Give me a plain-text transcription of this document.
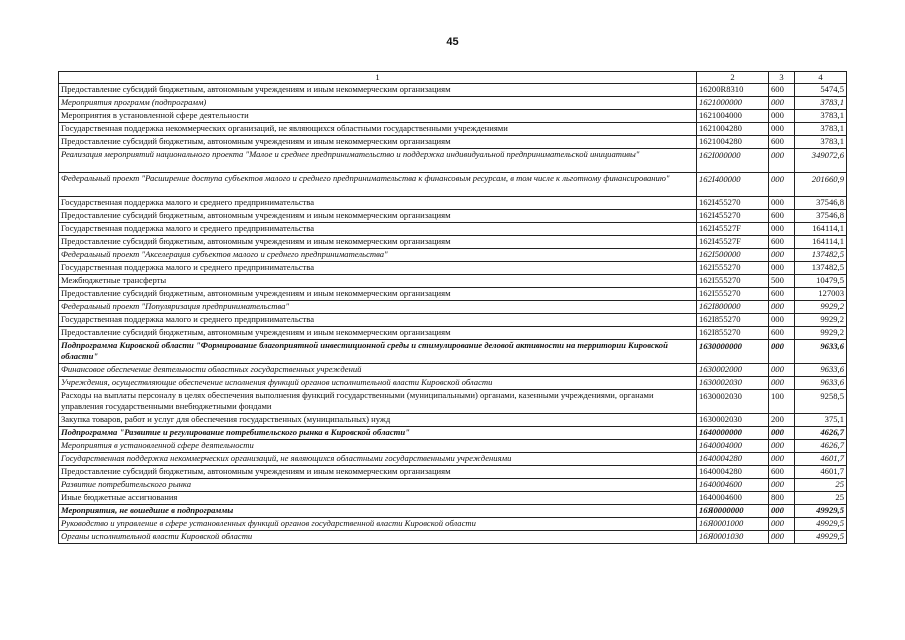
45
1	2	3	4
Предоставление субсидий бюджетным, автономным учреждениям и иным некоммерческим организациям	16200R8310	600	5474,5
Мероприятия программ (подпрограмм)	1621000000	000	3783,1
Мероприятия в установленной сфере деятельности	1621004000	000	3783,1
Государственная поддержка некоммерческих организаций, не являющихся областными государственными учреждениями	1621004280	000	3783,1
Предоставление субсидий бюджетным, автономным учреждениям и иным некоммерческим организациям	1621004280	600	3783,1
Реализация мероприятий национального проекта "Малое и среднее предпринимательство и поддержка индивидуальной предпринимательской инициативы"	162I000000	000	349072,6
Федеральный проект "Расширение доступа субъектов малого и среднего предпринимательства к финансовым ресурсам, в том числе к льготному финансированию"	162I400000	000	201660,9
Государственная поддержка малого и среднего предпринимательства	162I455270	000	37546,8
Предоставление субсидий бюджетным, автономным учреждениям и иным некоммерческим организациям	162I455270	600	37546,8
Государственная поддержка малого и среднего предпринимательства	162I45527F	000	164114,1
Предоставление субсидий бюджетным, автономным учреждениям и иным некоммерческим организациям	162I45527F	600	164114,1
Федеральный проект "Акселерация субъектов малого и среднего предпринимательства"	162I500000	000	137482,5
Государственная поддержка малого и среднего предпринимательства	162I555270	000	137482,5
Межбюджетные трансферты	162I555270	500	10479,5
Предоставление субсидий бюджетным, автономным учреждениям и иным некоммерческим организациям	162I555270	600	127003
Федеральный проект "Популяризация предпринимательства"	162I800000	000	9929,2
Государственная поддержка малого и среднего предпринимательства	162I855270	000	9929,2
Предоставление субсидий бюджетным, автономным учреждениям и иным некоммерческим организациям	162I855270	600	9929,2
Подпрограмма Кировской области "Формирование благоприятной инвестиционной среды и стимулирование деловой активности на территории Кировской области"	1630000000	000	9633,6
Финансовое обеспечение деятельности областных государственных учреждений	1630002000	000	9633,6
Учреждения, осуществляющие обеспечение исполнения функций органов исполнительной власти Кировской области	1630002030	000	9633,6
Расходы на выплаты персоналу в целях обеспечения выполнения функций государственными (муниципальными) органами, казенными учреждениями, органами управления государственными внебюджетными фондами	1630002030	100	9258,5
Закупка товаров, работ и услуг для обеспечения государственных (муниципальных) нужд	1630002030	200	375,1
Подпрограмма "Развитие и регулирование потребительского рынка в Кировской области"	1640000000	000	4626,7
Мероприятия в установленной сфере деятельности	1640004000	000	4626,7
Государственная поддержка некоммерческих организаций, не являющихся областными государственными учреждениями	1640004280	000	4601,7
Предоставление субсидий бюджетным, автономным учреждениям и иным некоммерческим организациям	1640004280	600	4601,7
Развитие потребительского рынка	1640004600	000	25
Иные бюджетные ассигнования	1640004600	800	25
Мероприятия, не вошедшие в подпрограммы	16Я0000000	000	49929,5
Руководство и управление в сфере установленных функций органов государственной власти Кировской области	16Я0001000	000	49929,5
Органы исполнительной власти Кировской области	16Я0001030	000	49929,5
